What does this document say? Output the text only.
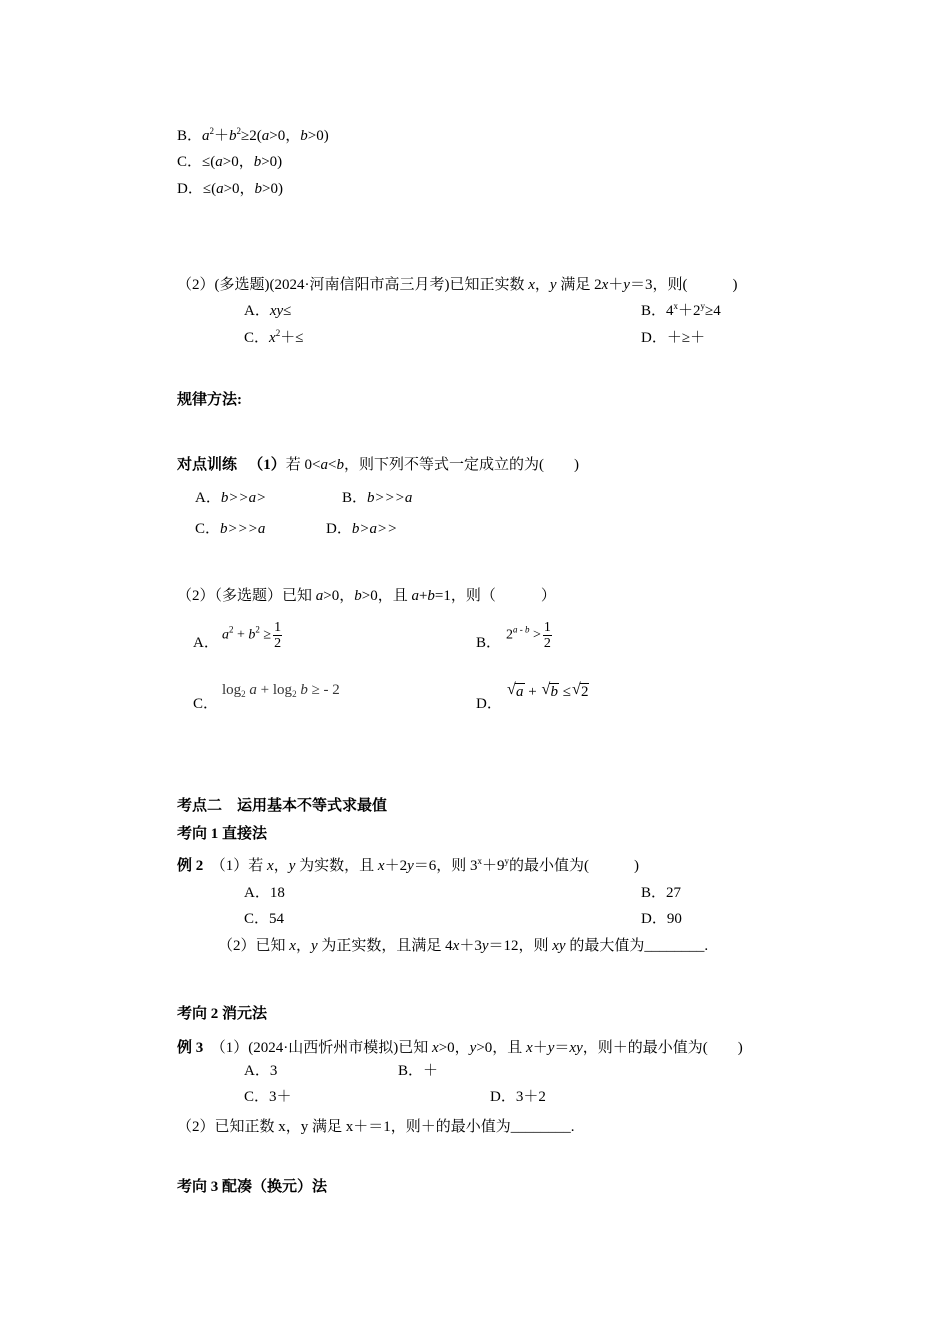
B．$a^2+b^2\ge 2(a>0$，b>0)
C．≤(a>0，b>0)
D．≤(a>0，b>0)
（2）(多选题)(2024·河南信阳市高三月考)已知正实数 x，y 满足 2x＋y＝3，则(　　　)
A．xy≤	B．$4^x+2^y\ge 4$
C．$x^2+\le$	D．＋≥＋
规律方法:
对点训练 （1）若 0<a<b，则下列不等式一定成立的为(　　)
A．b>>a>	B．b>>>a
C．b>>>a	D．b>a>>
（2）（多选题）已知 a>0，b>0，且 a+b=1，则（　　　）
A． $a^2 + b^2 \ge \frac{1}{2}$	B． $2^{a - b} > \frac{1}{2}$
C．
$\log_2 a + \log_2 b$ ≥ - 2
D．
√ a + √ b ≤ √ 2
考点二　运用基本不等式求最值
考向 1 直接法
例 2 （1）若 x，y 为实数，且 x＋2y＝6，则 $3^x+9^y$的最小值为(　　　)
A．18	B．27
C．54	D．90
（2）已知 x，y 为正实数，且满足 4x＋3y＝12，则 xy 的最大值为________.
考向 2 消元法
例 3 （1）(2024·山西忻州市模拟)已知 x>0，y>0，且 x＋y＝xy，则＋的最小值为(　　)
A．3	B．＋
C．3＋	D．3＋2
（2）已知正数 x，y 满足 x＋＝1，则＋的最小值为________.
考向 3 配凑（换元）法
